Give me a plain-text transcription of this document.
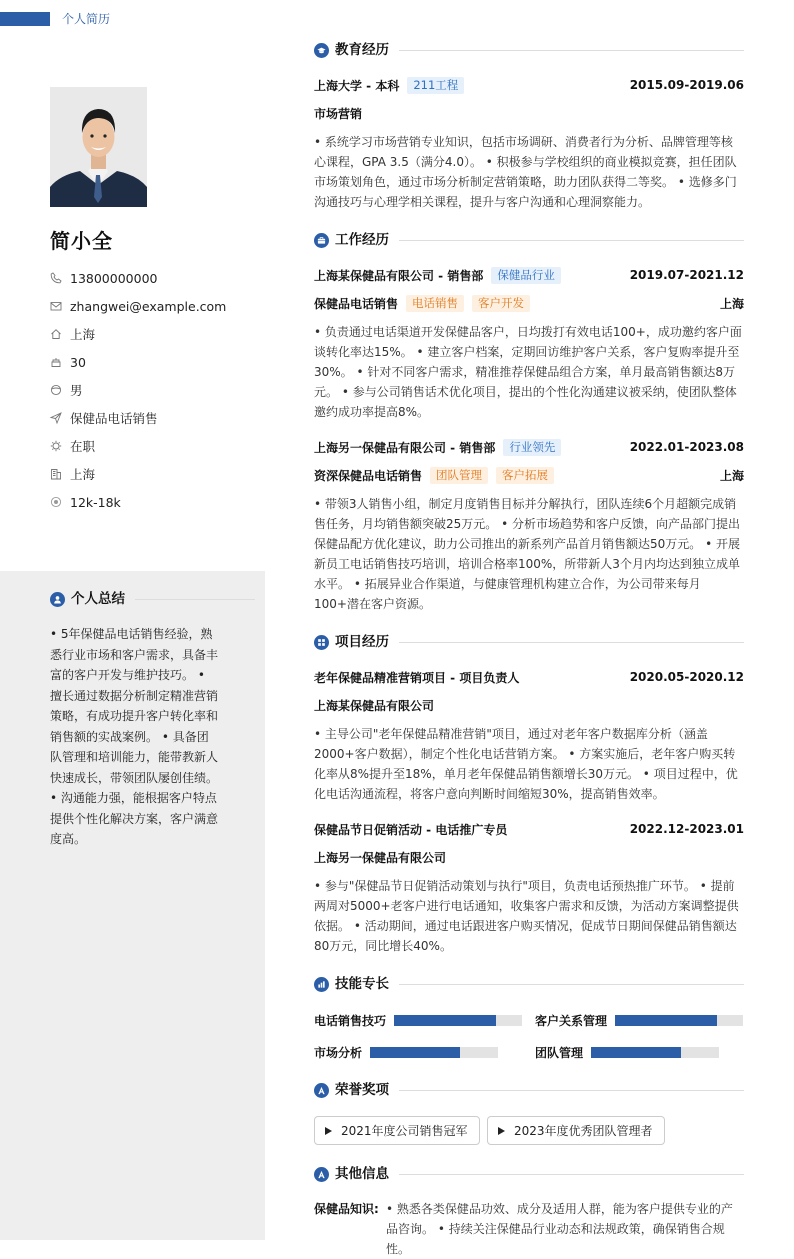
个人简历
简小全
13800000000
zhangwei@example.com
上海
30
男
保健品电话销售
在职
上海
12k-18k
个人总结
• 5年保健品电话销售经验，熟悉行业市场和客户需求，具备丰富的客户开发与维护技巧。 • 擅长通过数据分析制定精准营销策略，有成功提升客户转化率和销售额的实战案例。 • 具备团队管理和培训能力，能带教新人快速成长，带领团队屡创佳绩。 • 沟通能力强，能根据客户特点提供个性化解决方案，客户满意度高。
教育经历
上海大学 - 本科	211工程	2015.09-2019.06
市场营销
• 系统学习市场营销专业知识，包括市场调研、消费者行为分析、品牌管理等核心课程，GPA 3.5（满分4.0）。 • 积极参与学校组织的商业模拟竞赛，担任团队市场策划角色，通过市场分析制定营销策略，助力团队获得二等奖。 • 选修多门沟通技巧与心理学相关课程，提升与客户沟通和心理洞察能力。
工作经历
上海某保健品有限公司 - 销售部	保健品行业	2019.07-2021.12
保健品电话销售	电话销售	客户开发	上海
• 负责通过电话渠道开发保健品客户，日均拨打有效电话100+，成功邀约客户面谈转化率达15%。 • 建立客户档案，定期回访维护客户关系，客户复购率提升至30%。 • 针对不同客户需求，精准推荐保健品组合方案，单月最高销售额达8万元。 • 参与公司销售话术优化项目，提出的个性化沟通建议被采纳，使团队整体邀约成功率提高8%。
上海另一保健品有限公司 - 销售部	行业领先	2022.01-2023.08
资深保健品电话销售	团队管理	客户拓展	上海
• 带领3人销售小组，制定月度销售目标并分解执行，团队连续6个月超额完成销售任务，月均销售额突破25万元。 • 分析市场趋势和客户反馈，向产品部门提出保健品配方优化建议，助力公司推出的新系列产品首月销售额达50万元。 • 开展新员工电话销售技巧培训，培训合格率100%，所带新人3个月内均达到独立成单水平。 • 拓展异业合作渠道，与健康管理机构建立合作，为公司带来每月100+潜在客户资源。
项目经历
老年保健品精准营销项目 - 项目负责人	2020.05-2020.12
上海某保健品有限公司
• 主导公司"老年保健品精准营销"项目，通过对老年客户数据库分析（涵盖2000+客户数据），制定个性化电话营销方案。 • 方案实施后，老年客户购买转化率从8%提升至18%，单月老年保健品销售额增长30万元。 • 项目过程中，优化电话沟通流程，将客户意向判断时间缩短30%，提高销售效率。
保健品节日促销活动 - 电话推广专员	2022.12-2023.01
上海另一保健品有限公司
• 参与"保健品节日促销活动策划与执行"项目，负责电话预热推广环节。 • 提前两周对5000+老客户进行电话通知，收集客户需求和反馈，为活动方案调整提供依据。 • 活动期间，通过电话跟进客户购买情况，促成节日期间保健品销售额达80万元，同比增长40%。
技能专长
电话销售技巧	客户关系管理
市场分析	团队管理
荣誉奖项
2021年度公司销售冠军	2023年度优秀团队管理者
其他信息
保健品知识: • 熟悉各类保健品功效、成分及适用人群，能为客户提供专业的产品咨询。 • 持续关注保健品行业动态和法规政策，确保销售合规性。
